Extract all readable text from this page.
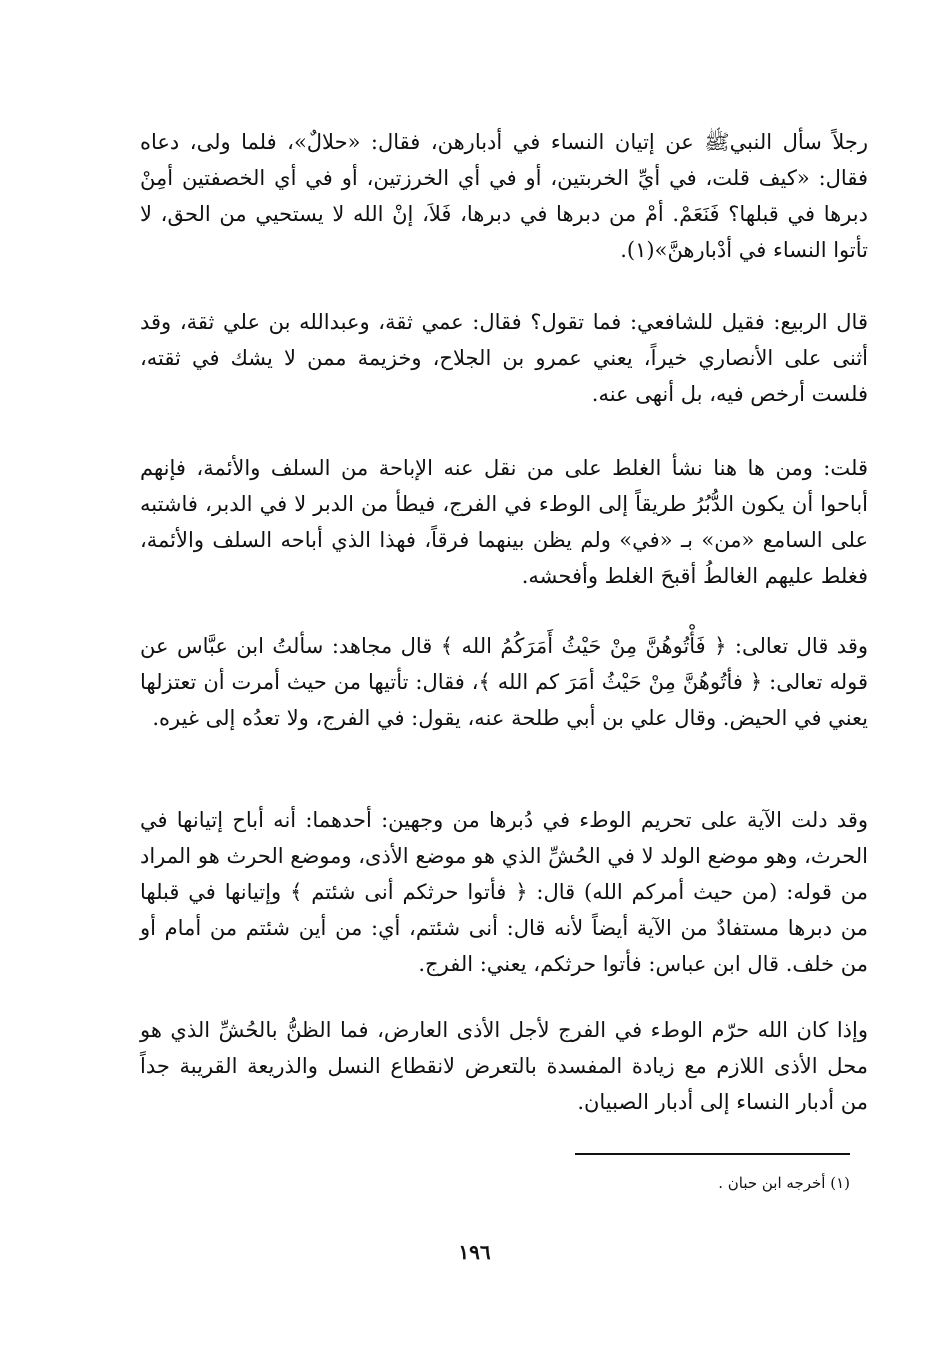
رجلاً سأل النبيﷺ عن إتيان النساء في أدبارهن، فقال: «حلالٌ»، فلما ولى، دعاه فقال: «كيف قلت، في أيِّ الخربتين، أو في أي الخرزتين، أو في أي الخصفتين أمِنْ دبرها في قبلها؟ فَنَعَمْ. أمْ من دبرها في دبرها، فَلاَ، إنْ الله لا يستحيي من الحق، لا تأتوا النساء في أدْبارهنَّ»(١).

قال الربيع: فقيل للشافعي: فما تقول؟ فقال: عمي ثقة، وعبدالله بن علي ثقة، وقد أثنى على الأنصاري خيراً، يعني عمرو بن الجلاح، وخزيمة ممن لا يشك في ثقته، فلست أرخص فيه، بل أنهى عنه.

قلت: ومن ها هنا نشأ الغلط على من نقل عنه الإباحة من السلف والأئمة، فإنهم أباحوا أن يكون الدُّبُرُ طريقاً إلى الوطء في الفرج، فيطأ من الدبر لا في الدبر، فاشتبه على السامع «من» بـ «في» ولم يظن بينهما فرقاً، فهذا الذي أباحه السلف والأئمة، فغلط عليهم الغالطُ أقبحَ الغلط وأفحشه.

وقد قال تعالى: ﴿ فَأْتُوهُنَّ مِنْ حَيْثُ أَمَرَكُمُ الله ﴾ قال مجاهد: سألتُ ابن عبَّاس عن قوله تعالى: ﴿ فأتُوهُنَّ مِنْ حَيْثُ أمَرَ كم الله ﴾، فقال: تأتيها من حيث أمرت أن تعتزلها يعني في الحيض. وقال علي بن أبي طلحة عنه، يقول: في الفرج، ولا تعدُه إلى غيره.

وقد دلت الآية على تحريم الوطء في دُبرها من وجهين: أحدهما: أنه أباح إتيانها في الحرث، وهو موضع الولد لا في الحُشِّ الذي هو موضع الأذى، وموضع الحرث هو المراد من قوله: (من حيث أمركم الله) قال: ﴿ فأتوا حرثكم أنى شئتم ﴾ وإتيانها في قبلها من دبرها مستفادٌ من الآية أيضاً لأنه قال: أنى شئتم، أي: من أين شئتم من أمام أو من خلف. قال ابن عباس: فأتوا حرثكم، يعني: الفرج.

وإذا كان الله حرّم الوطء في الفرج لأجل الأذى العارض، فما الظنُّ بالحُشِّ الذي هو محل الأذى اللازم مع زيادة المفسدة بالتعرض لانقطاع النسل والذريعة القريبة جداً من أدبار النساء إلى أدبار الصبيان.

(١) أخرجه ابن حبان .
١٩٦
